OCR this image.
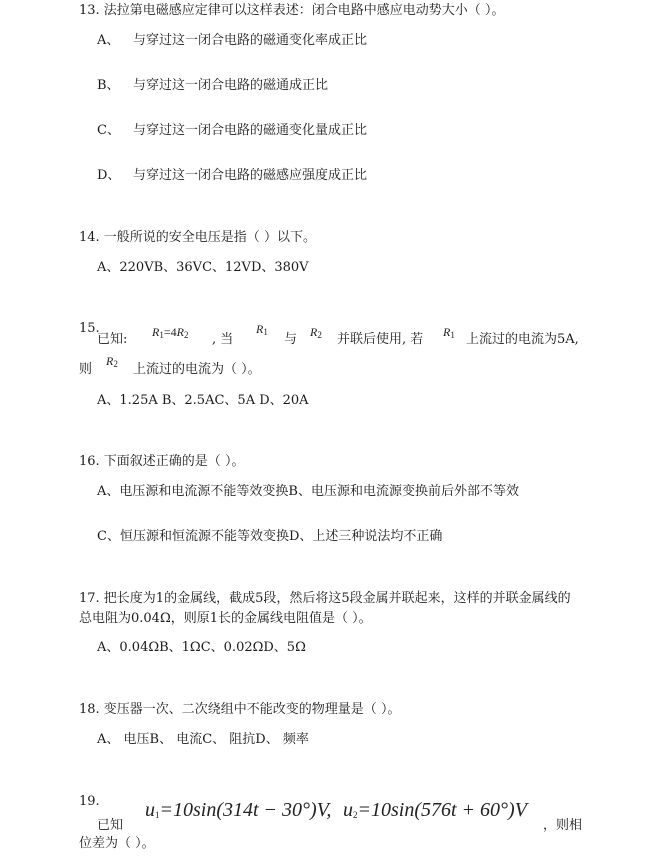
13. 法拉第电磁感应定律可以这样表述：闭合电路中感应电动势大小（ ）。
A、 与穿过这一闭合电路的磁通变化率成正比
B、 与穿过这一闭合电路的磁通成正比
C、 与穿过这一闭合电路的磁通变化量成正比
D、 与穿过这一闭合电路的磁感应强度成正比
14. 一般所说的安全电压是指（ ）以下。
A、220VB、36VC、12VD、380V
15.
已知: $R_1=4R_2$ , 当
$R_1$ 与 $R_2$ 并联后使用, 若 $R_1$ 上流过的电流为5A,
则
$R_2$ 上流过的电流为（ ）。
A、1.25A B、2.5AC、5A D、20A
16. 下面叙述正确的是（ ）。
A、电压源和电流源不能等效变换B、电压源和电流源变换前后外部不等效
C、恒压源和恒流源不能等效变换D、上述三种说法均不正确
17. 把长度为1的金属线，截成5段，然后将这5段金属并联起来，这样的并联金属线的
总电阻为0.04Ω，则原1长的金属线电阻值是（ ）。
A、0.04ΩB、1ΩC、0.02ΩD、5Ω
18. 变压器一次、二次绕组中不能改变的物理量是（ ）。
A、 电压B、 电流C、 阻抗D、 频率
19.
已知
$u_1=10\sin(314t - 30^\circ)V$, $u_2=10\sin(576t + 60^\circ)V$
，则相
位差为（ ）。
